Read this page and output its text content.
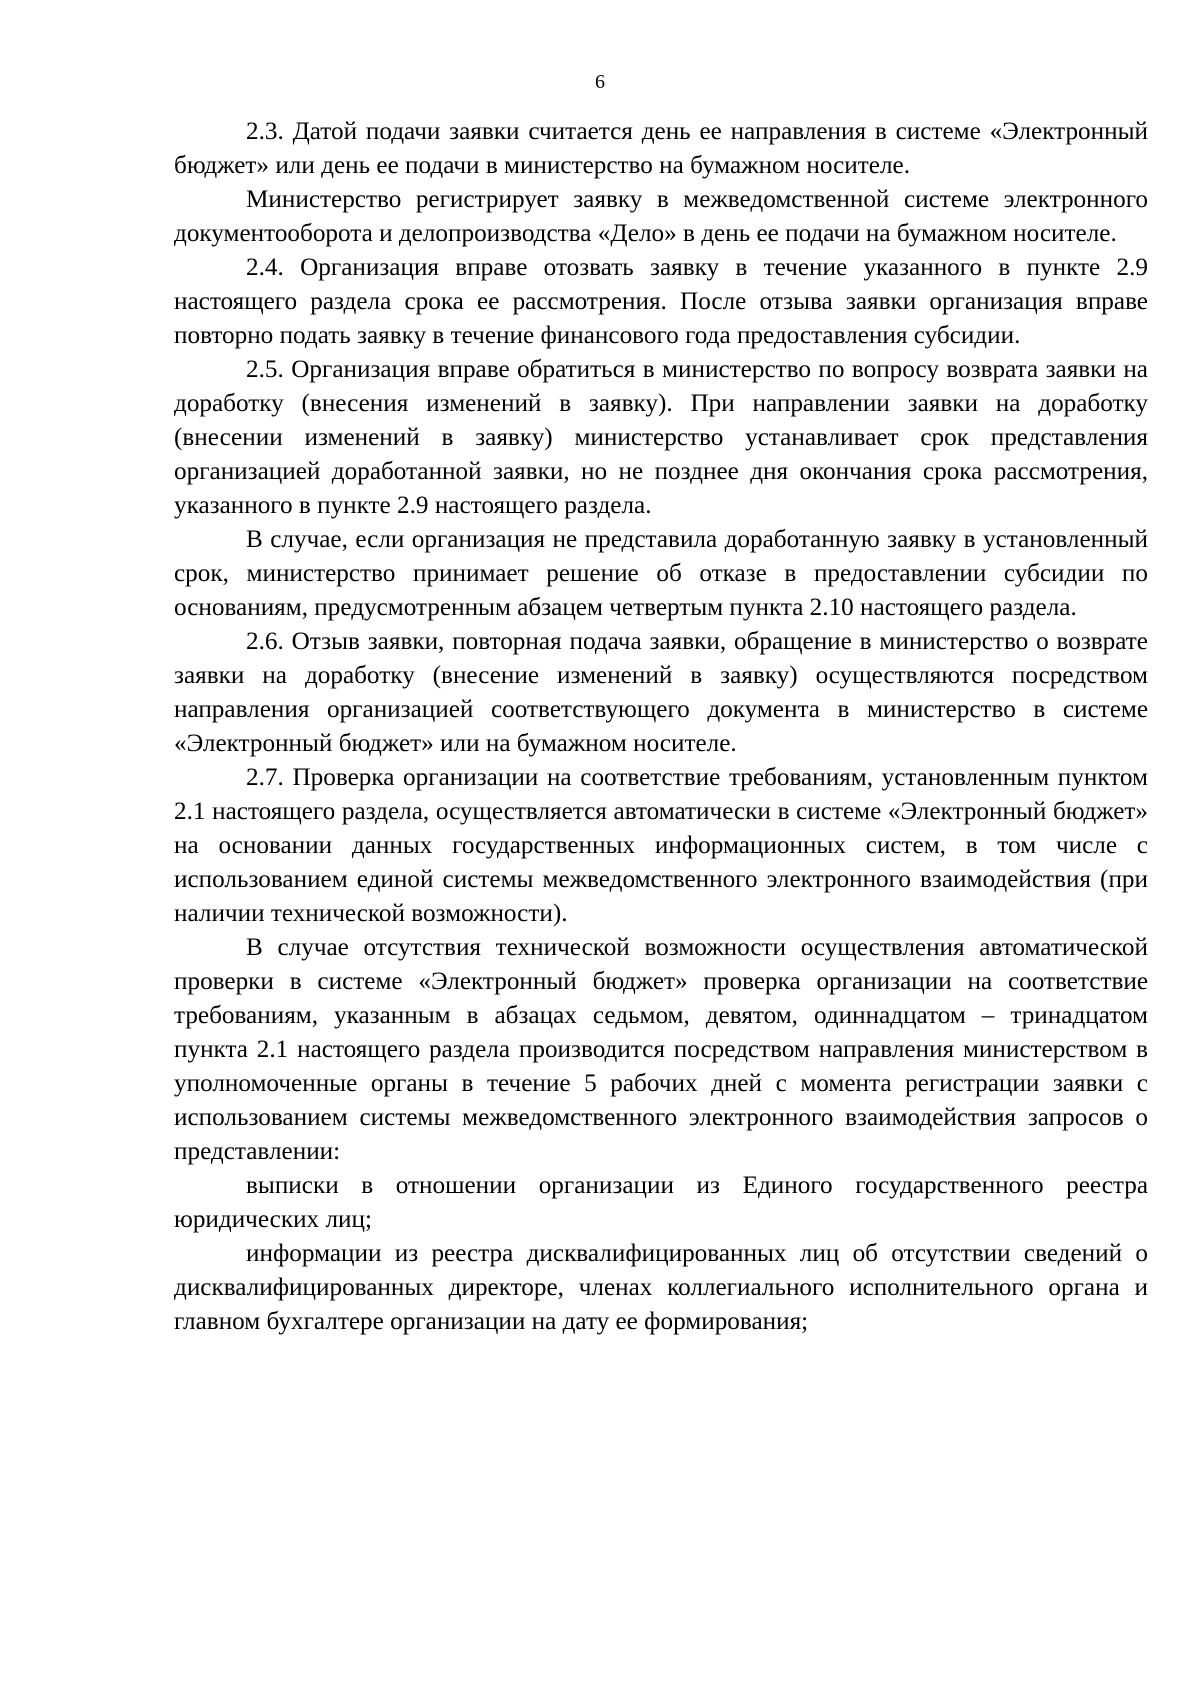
6

2.3. Датой подачи заявки считается день ее направления в системе «Электронный бюджет» или день ее подачи в министерство на бумажном носителе.

Министерство регистрирует заявку в межведомственной системе электронного документооборота и делопроизводства «Дело» в день ее подачи на бумажном носителе.

2.4. Организация вправе отозвать заявку в течение указанного в пункте 2.9 настоящего раздела срока ее рассмотрения. После отзыва заявки организация вправе повторно подать заявку в течение финансового года предоставления субсидии.

2.5. Организация вправе обратиться в министерство по вопросу возврата заявки на доработку (внесения изменений в заявку). При направлении заявки на доработку (внесении изменений в заявку) министерство устанавливает срок представления организацией доработанной заявки, но не позднее дня окончания срока рассмотрения, указанного в пункте 2.9 настоящего раздела.

В случае, если организация не представила доработанную заявку в установленный срок, министерство принимает решение об отказе в предоставлении субсидии по основаниям, предусмотренным абзацем четвертым пункта 2.10 настоящего раздела.

2.6. Отзыв заявки, повторная подача заявки, обращение в министерство о возврате заявки на доработку (внесение изменений в заявку) осуществляются посредством направления организацией соответствующего документа в министерство в системе «Электронный бюджет» или на бумажном носителе.

2.7. Проверка организации на соответствие требованиям, установленным пунктом 2.1 настоящего раздела, осуществляется автоматически в системе «Электронный бюджет» на основании данных государственных информационных систем, в том числе с использованием единой системы межведомственного электронного взаимодействия (при наличии технической возможности).

В случае отсутствия технической возможности осуществления автоматической проверки в системе «Электронный бюджет» проверка организации на соответствие требованиям, указанным в абзацах седьмом, девятом, одиннадцатом – тринадцатом пункта 2.1 настоящего раздела производится посредством направления министерством в уполномоченные органы в течение 5 рабочих дней с момента регистрации заявки с использованием системы межведомственного электронного взаимодействия запросов о представлении:

выписки в отношении организации из Единого государственного реестра юридических лиц;

информации из реестра дисквалифицированных лиц об отсутствии сведений о дисквалифицированных директоре, членах коллегиального исполнительного органа и главном бухгалтере организации на дату ее формирования;
